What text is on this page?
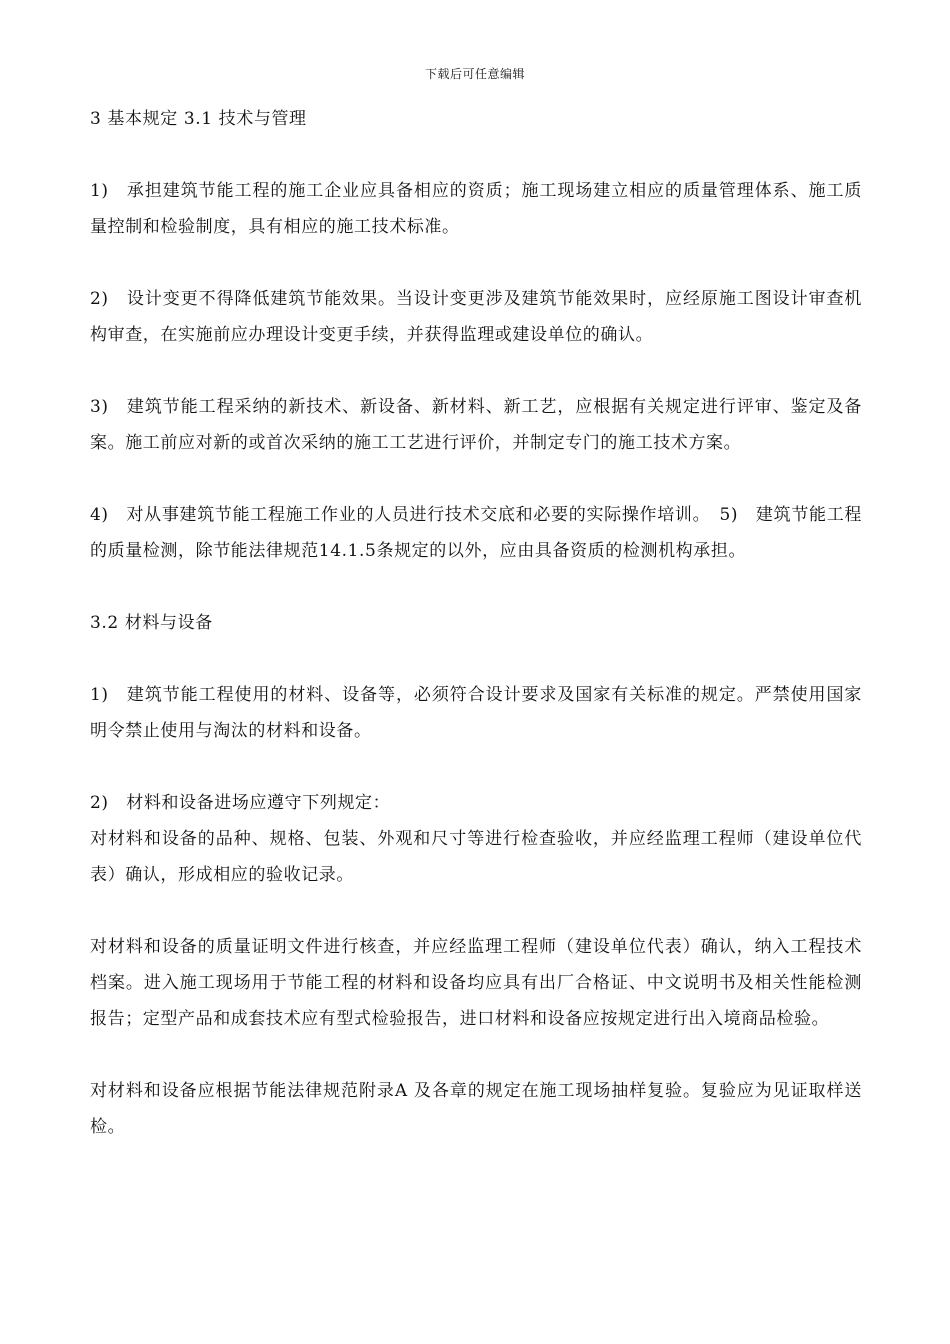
下载后可任意编辑

3 基本规定 3.1 技术与管理

1)　承担建筑节能工程的施工企业应具备相应的资质；施工现场建立相应的质量管理体系、施工质量控制和检验制度，具有相应的施工技术标准。

2)　设计变更不得降低建筑节能效果。当设计变更涉及建筑节能效果时，应经原施工图设计审查机构审查，在实施前应办理设计变更手续，并获得监理或建设单位的确认。

3)　建筑节能工程采纳的新技术、新设备、新材料、新工艺，应根据有关规定进行评审、鉴定及备案。施工前应对新的或首次采纳的施工工艺进行评价，并制定专门的施工技术方案。

4)　对从事建筑节能工程施工作业的人员进行技术交底和必要的实际操作培训。　5)　建筑节能工程的质量检测，除节能法律规范14.1.5条规定的以外，应由具备资质的检测机构承担。

3.2 材料与设备

1)　建筑节能工程使用的材料、设备等，必须符合设计要求及国家有关标准的规定。严禁使用国家明令禁止使用与淘汰的材料和设备。

2)　材料和设备进场应遵守下列规定：

对材料和设备的品种、规格、包装、外观和尺寸等进行检查验收，并应经监理工程师（建设单位代表）确认，形成相应的验收记录。

对材料和设备的质量证明文件进行核查，并应经监理工程师（建设单位代表）确认，纳入工程技术档案。进入施工现场用于节能工程的材料和设备均应具有出厂合格证、中文说明书及相关性能检测报告；定型产品和成套技术应有型式检验报告，进口材料和设备应按规定进行出入境商品检验。

对材料和设备应根据节能法律规范附录A 及各章的规定在施工现场抽样复验。复验应为见证取样送检。
